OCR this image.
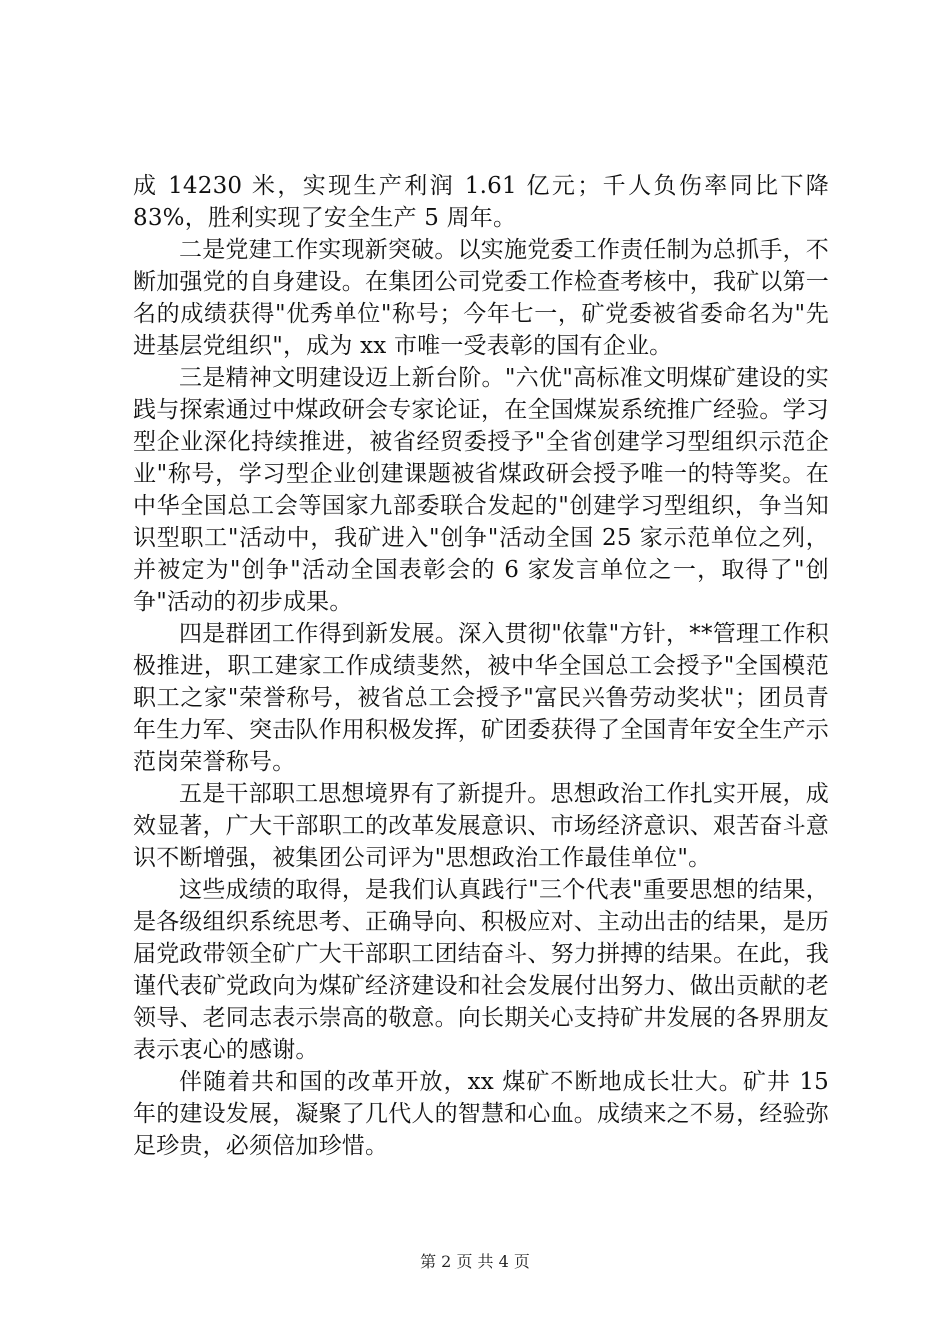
成 14230 米，实现生产利润 1.61 亿元；千人负伤率同比下降 83%，胜利实现了安全生产 5 周年。

二是党建工作实现新突破。以实施党委工作责任制为总抓手，不断加强党的自身建设。在集团公司党委工作检查考核中，我矿以第一名的成绩获得"优秀单位"称号；今年七一，矿党委被省委命名为"先进基层党组织"，成为 xx 市唯一受表彰的国有企业。

三是精神文明建设迈上新台阶。"六优"高标准文明煤矿建设的实践与探索通过中煤政研会专家论证，在全国煤炭系统推广经验。学习型企业深化持续推进，被省经贸委授予"全省创建学习型组织示范企业"称号，学习型企业创建课题被省煤政研会授予唯一的特等奖。在中华全国总工会等国家九部委联合发起的"创建学习型组织，争当知识型职工"活动中，我矿进入"创争"活动全国 25 家示范单位之列，并被定为"创争"活动全国表彰会的 6 家发言单位之一，取得了"创争"活动的初步成果。

四是群团工作得到新发展。深入贯彻"依靠"方针，**管理工作积极推进，职工建家工作成绩斐然，被中华全国总工会授予"全国模范职工之家"荣誉称号，被省总工会授予"富民兴鲁劳动奖状"；团员青年生力军、突击队作用积极发挥，矿团委获得了全国青年安全生产示范岗荣誉称号。

五是干部职工思想境界有了新提升。思想政治工作扎实开展，成效显著，广大干部职工的改革发展意识、市场经济意识、艰苦奋斗意识不断增强，被集团公司评为"思想政治工作最佳单位"。

这些成绩的取得，是我们认真践行"三个代表"重要思想的结果，是各级组织系统思考、正确导向、积极应对、主动出击的结果，是历届党政带领全矿广大干部职工团结奋斗、努力拼搏的结果。在此，我谨代表矿党政向为煤矿经济建设和社会发展付出努力、做出贡献的老领导、老同志表示崇高的敬意。向长期关心支持矿井发展的各界朋友表示衷心的感谢。

伴随着共和国的改革开放，xx 煤矿不断地成长壮大。矿井 15 年的建设发展，凝聚了几代人的智慧和心血。成绩来之不易，经验弥足珍贵，必须倍加珍惜。

第 2 页 共 4 页
